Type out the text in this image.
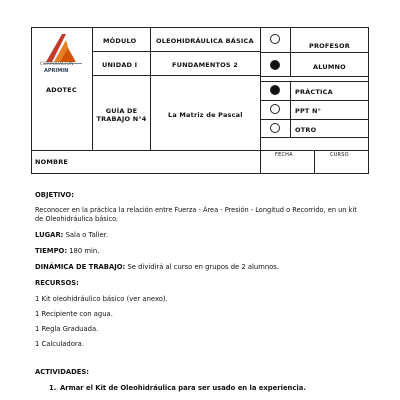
CORPORACIÓN
APRIMIN
ADOTEC
MÓDULO	OLEOHIDRÁULICA BÁSICA
UNIDAD I	FUNDAMENTOS 2
GUÍA DE
TRABAJO N°4	La Matriz de Pascal
PROFESOR
ALUMNO
PRÁCTICA
PPT N°
OTRO
NOMBRE
FECHA	CURSO
OBJETIVO:
Reconocer en la práctica la relación entre Fuerza - Área - Presión - Longitud o Recorrido, en un kit
de Oleohidráulica básico.
LUGAR: Sala o Taller.
TIEMPO: 180 min.
DINÁMICA DE TRABAJO: Se dividirá al curso en grupos de 2 alumnos.
RECURSOS:
1 Kit oleohidráulico básico (ver anexo).
1 Recipiente con agua.
1 Regla Graduada.
1 Calculadora.
ACTIVIDADES:
1. Armar el Kit de Oleohidráulica para ser usado en la experiencia.
